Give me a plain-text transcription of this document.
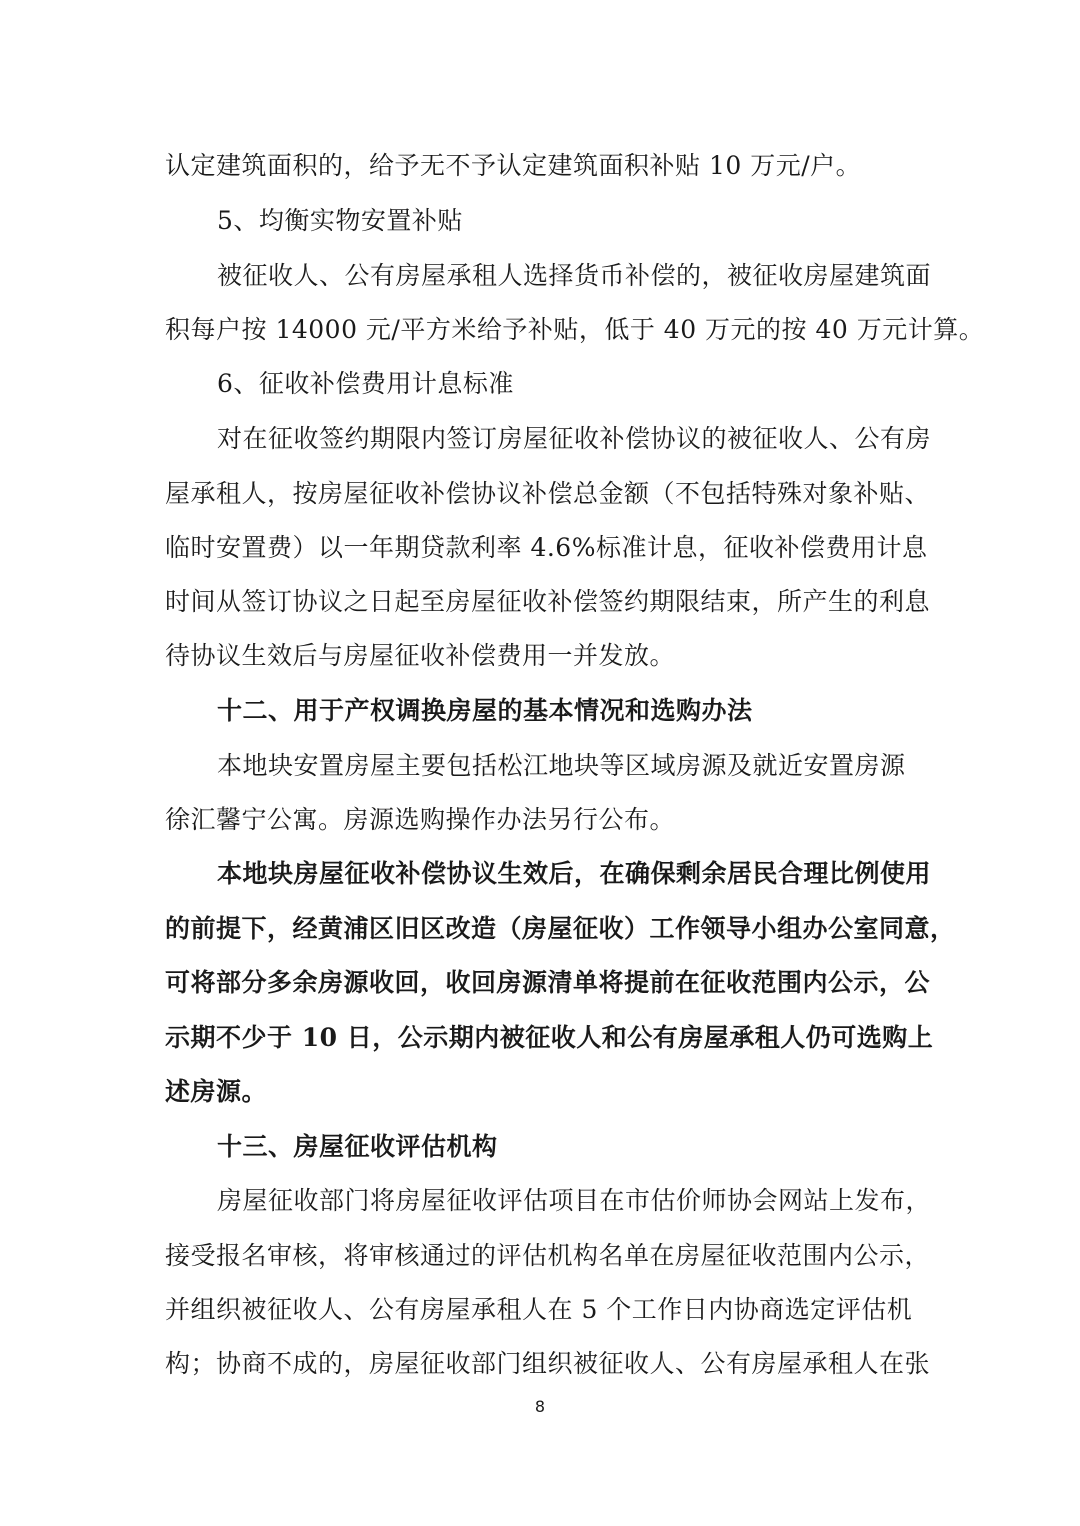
认定建筑面积的，给予无不予认定建筑面积补贴 10 万元/户。
5、均衡实物安置补贴
被征收人、公有房屋承租人选择货币补偿的，被征收房屋建筑面
积每户按 14000 元/平方米给予补贴，低于 40 万元的按 40 万元计算。
6、征收补偿费用计息标准
对在征收签约期限内签订房屋征收补偿协议的被征收人、公有房
屋承租人，按房屋征收补偿协议补偿总金额（不包括特殊对象补贴、
临时安置费）以一年期贷款利率 4.6%标准计息，征收补偿费用计息
时间从签订协议之日起至房屋征收补偿签约期限结束，所产生的利息
待协议生效后与房屋征收补偿费用一并发放。
十二、用于产权调换房屋的基本情况和选购办法
本地块安置房屋主要包括松江地块等区域房源及就近安置房源
徐汇馨宁公寓。房源选购操作办法另行公布。
本地块房屋征收补偿协议生效后，在确保剩余居民合理比例使用
的前提下，经黄浦区旧区改造（房屋征收）工作领导小组办公室同意，
可将部分多余房源收回，收回房源清单将提前在征收范围内公示，公
示期不少于 10 日，公示期内被征收人和公有房屋承租人仍可选购上
述房源。
十三、房屋征收评估机构
房屋征收部门将房屋征收评估项目在市估价师协会网站上发布，
接受报名审核，将审核通过的评估机构名单在房屋征收范围内公示，
并组织被征收人、公有房屋承租人在 5 个工作日内协商选定评估机
构；协商不成的，房屋征收部门组织被征收人、公有房屋承租人在张
8
